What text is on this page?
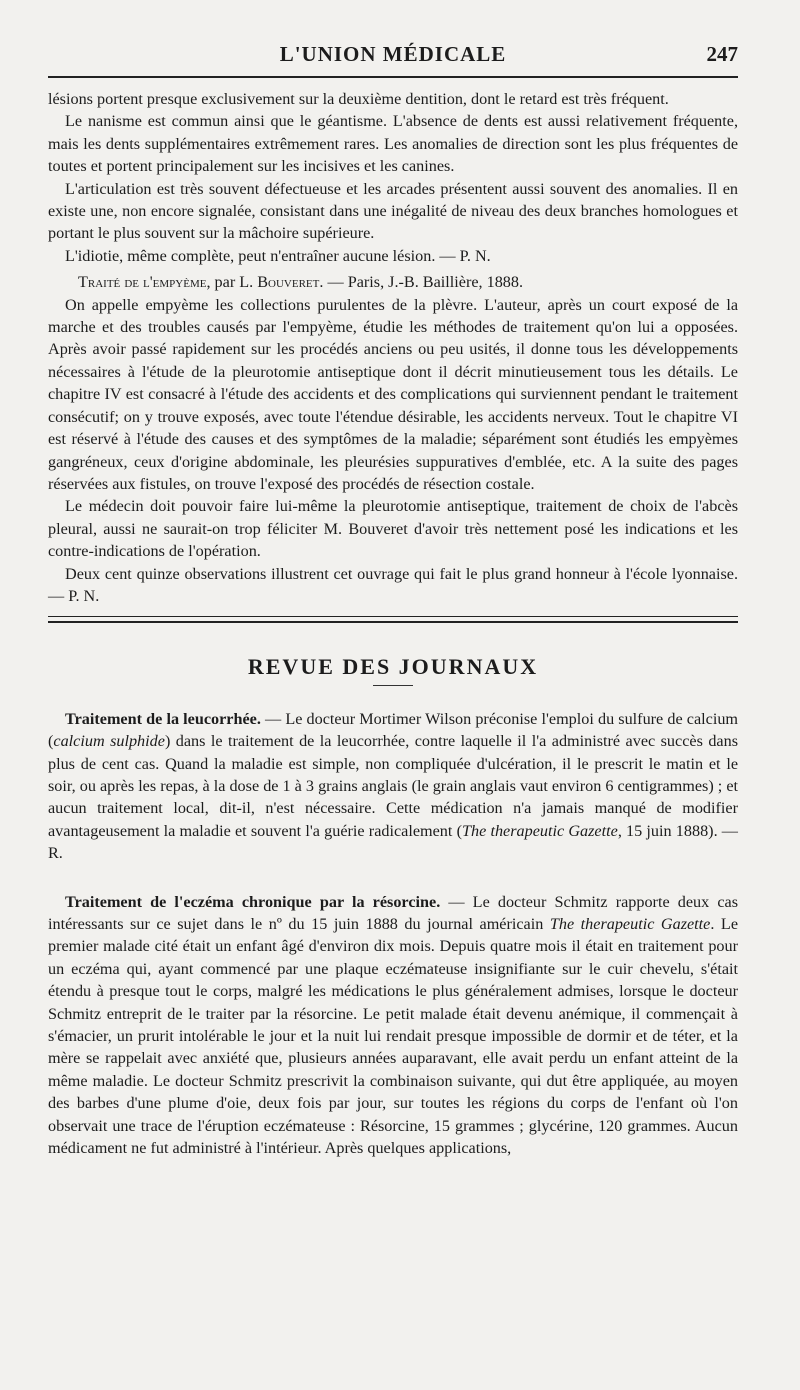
L'UNION MÉDICALE	247

lésions portent presque exclusivement sur la deuxième dentition, dont le retard est très fréquent.

Le nanisme est commun ainsi que le géantisme. L'absence de dents est aussi relativement fréquente, mais les dents supplémentaires extrêmement rares. Les anomalies de direction sont les plus fréquentes de toutes et portent principalement sur les incisives et les canines.

L'articulation est très souvent défectueuse et les arcades présentent aussi souvent des anomalies. Il en existe une, non encore signalée, consistant dans une inégalité de niveau des deux branches homologues et portant le plus souvent sur la mâchoire supérieure.

L'idiotie, même complète, peut n'entraîner aucune lésion. — P. N.

Traité de l'empyème, par L. Bouveret. — Paris, J.-B. Baillière, 1888.

On appelle empyème les collections purulentes de la plèvre. L'auteur, après un court exposé de la marche et des troubles causés par l'empyème, étudie les méthodes de traitement qu'on lui a opposées. Après avoir passé rapidement sur les procédés anciens ou peu usités, il donne tous les développements nécessaires à l'étude de la pleurotomie antiseptique dont il décrit minutieusement tous les détails. Le chapitre IV est consacré à l'étude des accidents et des complications qui surviennent pendant le traitement consécutif; on y trouve exposés, avec toute l'étendue désirable, les accidents nerveux. Tout le chapitre VI est réservé à l'étude des causes et des symptômes de la maladie; séparément sont étudiés les empyèmes gangréneux, ceux d'origine abdominale, les pleurésies suppuratives d'emblée, etc. A la suite des pages réservées aux fistules, on trouve l'exposé des procédés de résection costale.

Le médecin doit pouvoir faire lui-même la pleurotomie antiseptique, traitement de choix de l'abcès pleural, aussi ne saurait-on trop féliciter M. Bouveret d'avoir très nettement posé les indications et les contre-indications de l'opération.

Deux cent quinze observations illustrent cet ouvrage qui fait le plus grand honneur à l'école lyonnaise. — P. N.

REVUE DES JOURNAUX

Traitement de la leucorrhée. — Le docteur Mortimer Wilson préconise l'emploi du sulfure de calcium (calcium sulphide) dans le traitement de la leucorrhée, contre laquelle il l'a administré avec succès dans plus de cent cas. Quand la maladie est simple, non compliquée d'ulcération, il le prescrit le matin et le soir, ou après les repas, à la dose de 1 à 3 grains anglais (le grain anglais vaut environ 6 centigrammes) ; et aucun traitement local, dit-il, n'est nécessaire. Cette médication n'a jamais manqué de modifier avantageusement la maladie et souvent l'a guérie radicalement (The therapeutic Gazette, 15 juin 1888). — R.

Traitement de l'eczéma chronique par la résorcine. — Le docteur Schmitz rapporte deux cas intéressants sur ce sujet dans le nº du 15 juin 1888 du journal américain The therapeutic Gazette. Le premier malade cité était un enfant âgé d'environ dix mois. Depuis quatre mois il était en traitement pour un eczéma qui, ayant commencé par une plaque eczémateuse insignifiante sur le cuir chevelu, s'était étendu à presque tout le corps, malgré les médications le plus généralement admises, lorsque le docteur Schmitz entreprit de le traiter par la résorcine. Le petit malade était devenu anémique, il commençait à s'émacier, un prurit intolérable le jour et la nuit lui rendait presque impossible de dormir et de téter, et la mère se rappelait avec anxiété que, plusieurs années auparavant, elle avait perdu un enfant atteint de la même maladie. Le docteur Schmitz prescrivit la combinaison suivante, qui dut être appliquée, au moyen des barbes d'une plume d'oie, deux fois par jour, sur toutes les régions du corps de l'enfant où l'on observait une trace de l'éruption eczémateuse : Résorcine, 15 grammes ; glycérine, 120 grammes. Aucun médicament ne fut administré à l'intérieur. Après quelques applications,
